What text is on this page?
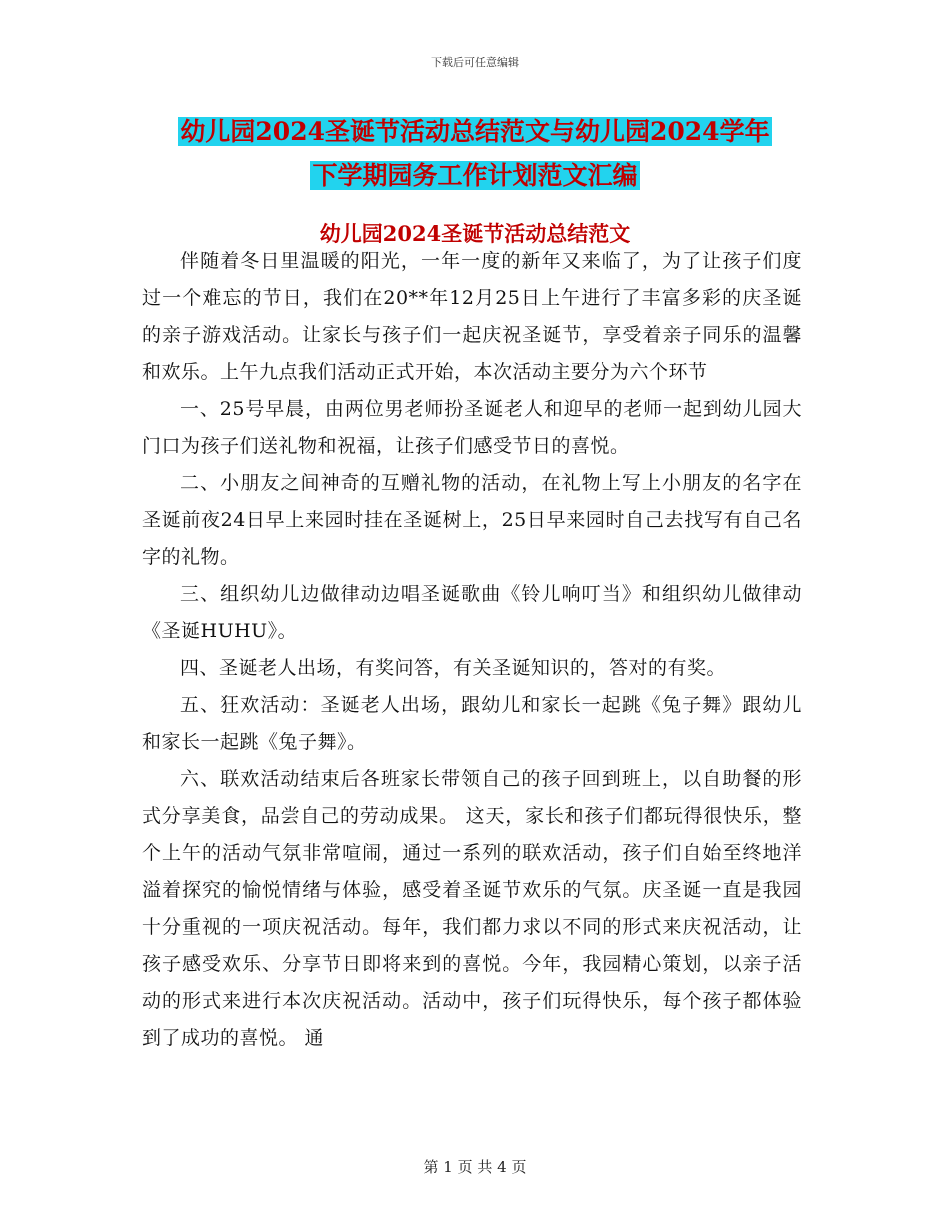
下载后可任意编辑
幼儿园2024圣诞节活动总结范文与幼儿园2024学年
下学期园务工作计划范文汇编
幼儿园2024圣诞节活动总结范文

伴随着冬日里温暖的阳光，一年一度的新年又来临了，为了让孩子们度过一个难忘的节日，我们在20**年12月25日上午进行了丰富多彩的庆圣诞的亲子游戏活动。让家长与孩子们一起庆祝圣诞节，享受着亲子同乐的温馨和欢乐。上午九点我们活动正式开始，本次活动主要分为六个环节

一、25号早晨，由两位男老师扮圣诞老人和迎早的老师一起到幼儿园大门口为孩子们送礼物和祝福，让孩子们感受节日的喜悦。

二、小朋友之间神奇的互赠礼物的活动，在礼物上写上小朋友的名字在圣诞前夜24日早上来园时挂在圣诞树上，25日早来园时自己去找写有自己名字的礼物。

三、组织幼儿边做律动边唱圣诞歌曲《铃儿响叮当》和组织幼儿做律动《圣诞HUHU》。

四、圣诞老人出场，有奖问答，有关圣诞知识的，答对的有奖。

五、狂欢活动：圣诞老人出场，跟幼儿和家长一起跳《兔子舞》跟幼儿和家长一起跳《兔子舞》。

六、联欢活动结束后各班家长带领自己的孩子回到班上，以自助餐的形式分享美食，品尝自己的劳动成果。 这天，家长和孩子们都玩得很快乐，整个上午的活动气氛非常喧闹，通过一系列的联欢活动，孩子们自始至终地洋溢着探究的愉悦情绪与体验，感受着圣诞节欢乐的气氛。庆圣诞一直是我园十分重视的一项庆祝活动。每年，我们都力求以不同的形式来庆祝活动，让孩子感受欢乐、分享节日即将来到的喜悦。今年，我园精心策划，以亲子活动的形式来进行本次庆祝活动。活动中，孩子们玩得快乐，每个孩子都体验到了成功的喜悦。 通

第 1 页 共 4 页
